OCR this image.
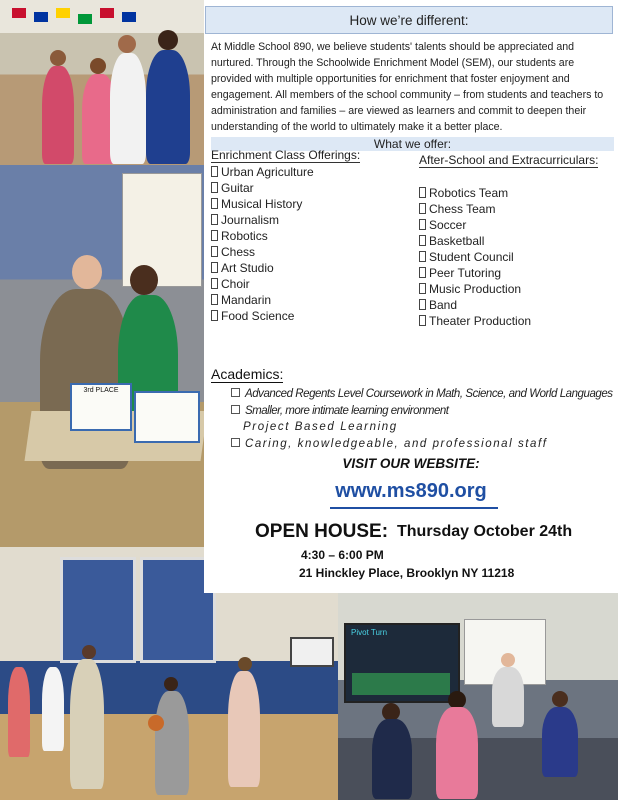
3rd PLACE
Pivot Turn
How we’re different:
At Middle School 890, we believe students' talents should be appreciated and nurtured. Through the Schoolwide Enrichment Model (SEM), our students are provided with multiple opportunities for enrichment that foster enjoyment and engagement. All members of the school community – from students and teachers to administration and families – are viewed as learners and commit to deepen their understanding of the world to ultimately make it a better place.
What we offer:
Enrichment Class Offerings:
Urban Agriculture
Guitar
Musical History
Journalism
Robotics
Chess
Art Studio
Choir
Mandarin
Food Science
After-School and Extracurriculars:
Robotics Team
Chess Team
Soccer
Basketball
Student Council
Peer Tutoring
Music Production
Band
Theater Production
Academics:
Advanced Regents Level Coursework in Math, Science, and World Languages
Smaller, more intimate learning environment
Project Based Learning
Caring, knowledgeable, and professional staff
VISIT OUR WEBSITE:
www.ms890.org
OPEN HOUSE: Thursday October 24th
4:30 – 6:00 PM
21 Hinckley Place, Brooklyn NY 11218
